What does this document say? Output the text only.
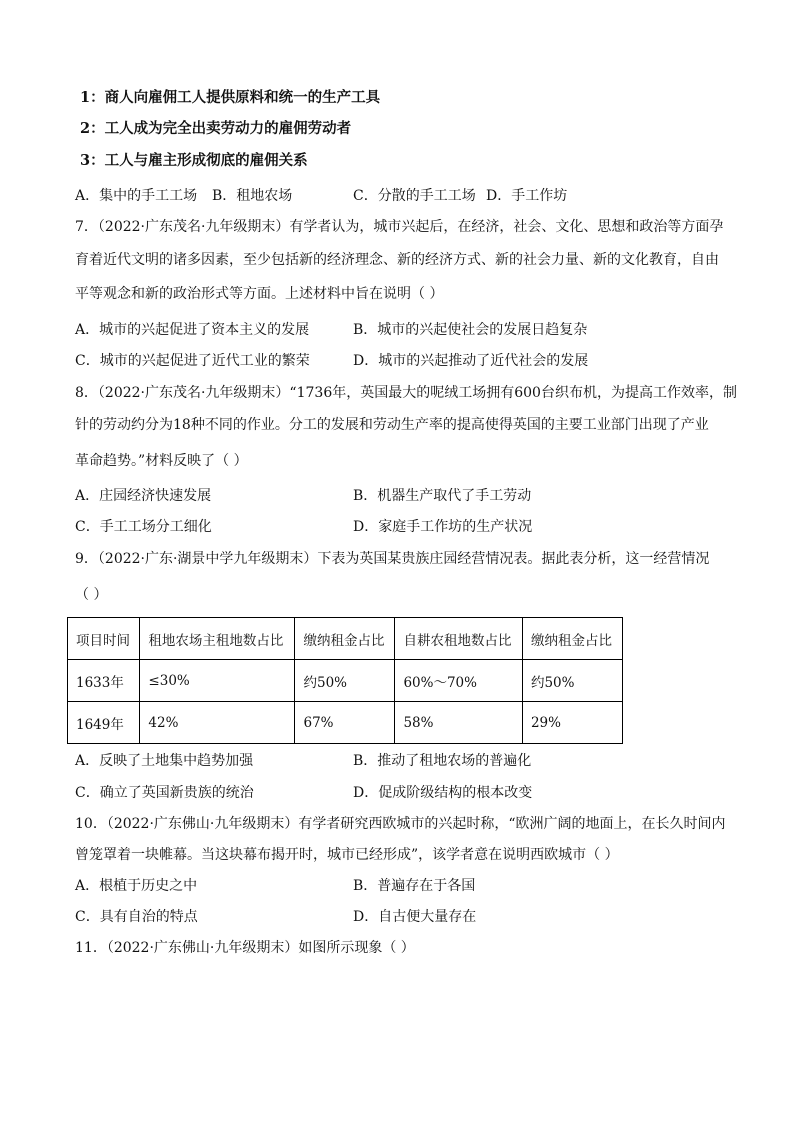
1：商人向雇佣工人提供原料和统一的生产工具
2：工人成为完全出卖劳动力的雇佣劳动者
3：工人与雇主形成彻底的雇佣关系
A．集中的手工工场 B．租地农场	C．分散的手工工场 D．手工作坊
7．（2022·广东茂名·九年级期末）有学者认为，城市兴起后，在经济，社会、文化、思想和政治等方面孕
育着近代文明的诸多因素，至少包括新的经济理念、新的经济方式、新的社会力量、新的文化教育，自由
平等观念和新的政治形式等方面。上述材料中旨在说明（ ）
A．城市的兴起促进了资本主义的发展	B．城市的兴起使社会的发展日趋复杂
C．城市的兴起促进了近代工业的繁荣	D．城市的兴起推动了近代社会的发展
8．（2022·广东茂名·九年级期末）“1736年，英国最大的呢绒工场拥有600台织布机，为提高工作效率，制
针的劳动约分为18种不同的作业。分工的发展和劳动生产率的提高使得英国的主要工业部门出现了产业
革命趋势。”材料反映了（ ）
A．庄园经济快速发展	B．机器生产取代了手工劳动
C．手工工场分工细化	D．家庭手工作坊的生产状况
9．（2022·广东·湖景中学九年级期末）下表为英国某贵族庄园经营情况表。据此表分析，这一经营情况
（ ）
项目时间	租地农场主租地数占比	缴纳租金占比	自耕农租地数占比	缴纳租金占比
1633年	≤30%	约50%	60%～70%	约50%
1649年	42%	67%	58%	29%
A．反映了土地集中趋势加强	B．推动了租地农场的普遍化
C．确立了英国新贵族的统治	D．促成阶级结构的根本改变
10．（2022·广东佛山·九年级期末）有学者研究西欧城市的兴起时称，“欧洲广阔的地面上，在长久时间内
曾笼罩着一块帷幕。当这块幕布揭开时，城市已经形成”，该学者意在说明西欧城市（ ）
A．根植于历史之中	B．普遍存在于各国
C．具有自治的特点	D．自古便大量存在
11．（2022·广东佛山·九年级期末）如图所示现象（ ）
